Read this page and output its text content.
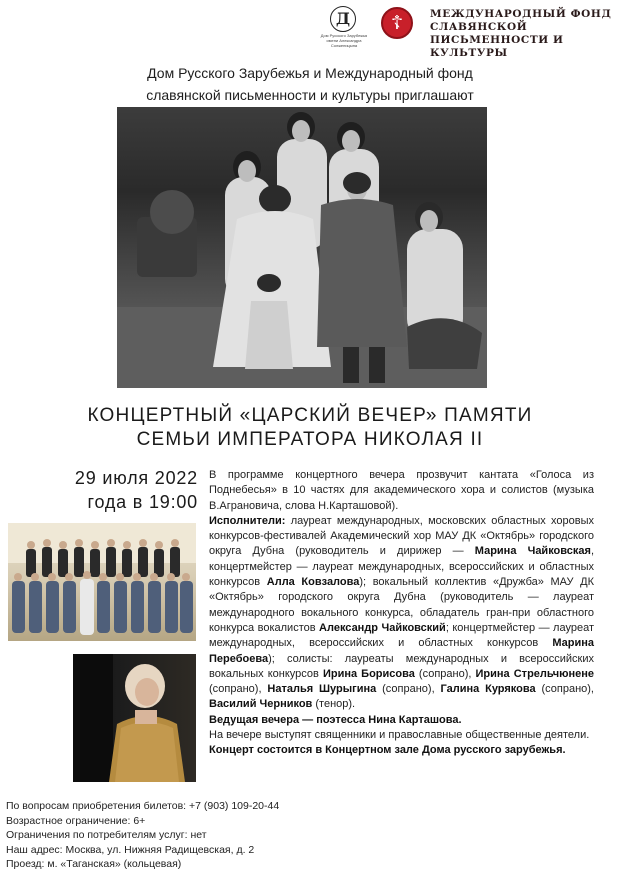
Д
Дом Русского Зарубежья имени Александра Солженицына
☦	МЕЖДУНАРОДНЫЙ ФОНД СЛАВЯНСКОЙ ПИСЬМЕННОСТИ И КУЛЬТУРЫ
Дом Русского Зарубежья и Международный фонд
славянской письменности и культуры приглашают
КОНЦЕРТНЫЙ «ЦАРСКИЙ ВЕЧЕР» ПАМЯТИ
СЕМЬИ ИМПЕРАТОРА НИКОЛАЯ II
29 июля 2022
года в 19:00

В программе концертного вечера прозвучит кантата «Голоса из Поднебесья» в 10 частях для академического хора и солистов (музыка В.Аграновича, слова Н.Карташовой).

Исполнители: лауреат международных, московских областных хоровых конкурсов-фестивалей Академический хор МАУ ДК «Октябрь» городского округа Дубна (руководитель и дирижер — Марина Чайковская, концертмейстер — лауреат международных, всероссийских и областных конкурсов Алла Ковзалова); вокальный коллектив «Дружба» МАУ ДК «Октябрь» городского округа Дубна (руководитель — лауреат международного вокального конкурса, обладатель гран-при областного конкурса вокалистов Александр Чайковский; концертмейстер — лауреат международных, всероссийских и областных конкурсов Марина Перебоева); солисты: лауреаты международных и всероссийских вокальных конкурсов Ирина Борисова (сопрано), Ирина Стрельчюнене (сопрано), Наталья Шурыгина (сопрано), Галина Курякова (сопрано), Василий Черников (тенор).

Ведущая вечера — поэтесса Нина Карташова.

На вечере выступят священники и православные общественные деятели.

Концерт состоится в Концертном зале Дома русского зарубежья.

По вопросам приобретения билетов: +7 (903) 109-20-44
Возрастное ограничение: 6+
Ограничения по потребителям услуг: нет
Наш адрес: Москва, ул. Нижняя Радищевская, д. 2
Проезд: м. «Таганская» (кольцевая)
